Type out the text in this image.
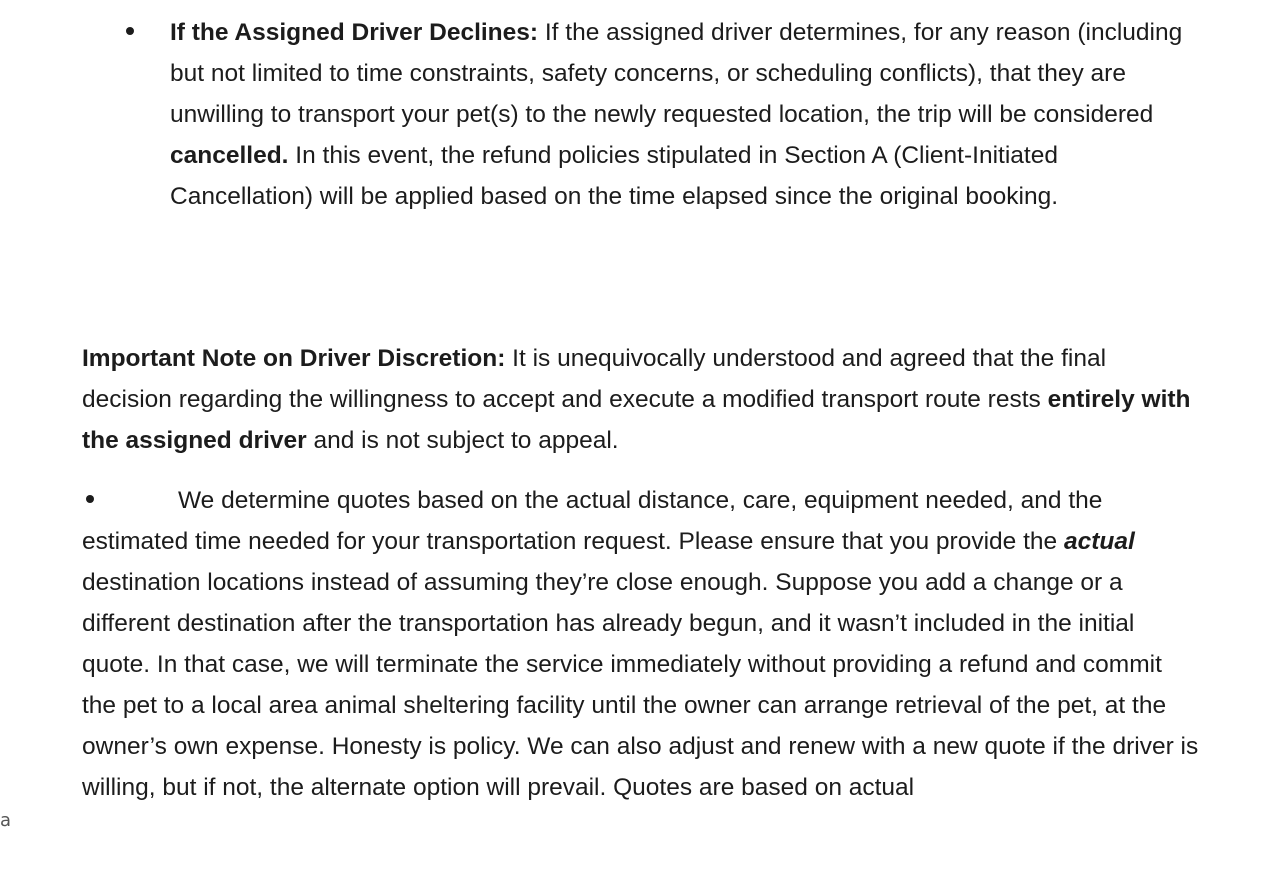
If the Assigned Driver Declines: If the assigned driver determines, for any reason (including but not limited to time constraints, safety concerns, or scheduling conflicts), that they are unwilling to transport your pet(s) to the newly requested location, the trip will be considered cancelled. In this event, the refund policies stipulated in Section A (Client-Initiated Cancellation) will be applied based on the time elapsed since the original booking.
Important Note on Driver Discretion: It is unequivocally understood and agreed that the final decision regarding the willingness to accept and execute a modified transport route rests entirely with the assigned driver and is not subject to appeal.
We determine quotes based on the actual distance, care, equipment needed, and the estimated time needed for your transportation request. Please ensure that you provide the actual destination locations instead of assuming they’re close enough. Suppose you add a change or a different destination after the transportation has already begun, and it wasn’t included in the initial quote. In that case, we will terminate the service immediately without providing a refund and commit the pet to a local area animal sheltering facility until the owner can arrange retrieval of the pet, at the owner’s own expense. Honesty is policy. We can also adjust and renew with a new quote if the driver is willing, but if not, the alternate option will prevail. Quotes are based on actual
a
